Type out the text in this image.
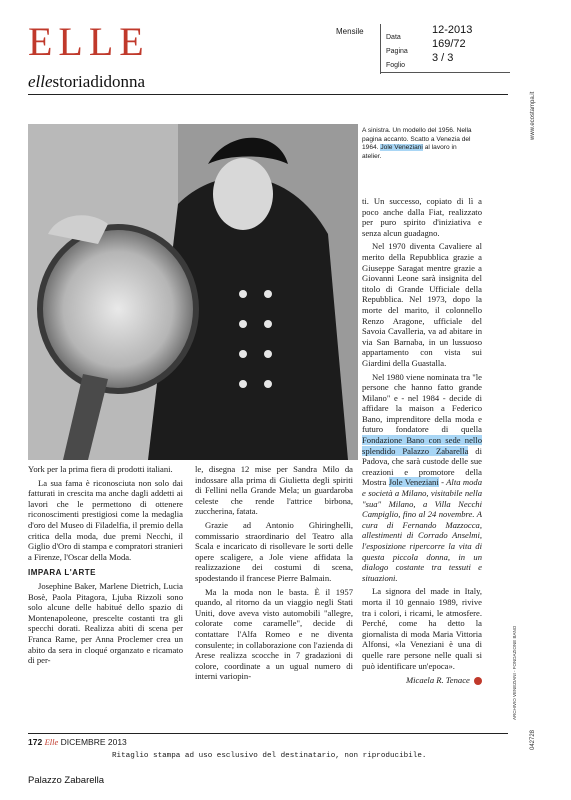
ELLE	Mensile
Data
12-2013
Pagina
169/72
Foglio
3 / 3
ellestoriadidonna
A sinistra. Un modello del 1956. Nella pagina accanto. Scatto a Venezia del 1964. Jole Veneziani al lavoro in atelier.

ti. Un successo, copiato di lì a poco anche dalla Fiat, realizzato per puro spirito d'iniziativa e senza alcun guadagno.

Nel 1970 diventa Cavaliere al merito della Repubblica grazie a Giuseppe Saragat mentre grazie a Giovanni Leone sarà insignita del titolo di Grande Ufficiale della Repubblica. Nel 1973, dopo la morte del marito, il colonnello Renzo Aragone, ufficiale del Savoia Cavalleria, va ad abitare in via San Barnaba, in un lussuoso appartamento con vista sui Giardini della Guastalla.

Nel 1980 viene nominata tra "le persone che hanno fatto grande Milano" e - nel 1984 - decide di affidare la maison a Federico Bano, imprenditore della moda e futuro fondatore di quella Fondazione Bano con sede nello splendido Palazzo Zabarella di Padova, che sarà custode delle sue creazioni e promotore della Mostra Jole Veneziani - Alta moda e società a Milano, visitabile nella "sua" Milano, a Villa Necchi Campiglio, fino al 24 novembre. A cura di Fernando Mazzocca, allestimenti di Corrado Anselmi, l'esposizione ripercorre la vita di questa piccola donna, in un dialogo costante tra tessuti e situazioni.

La signora del made in Italy, morta il 10 gennaio 1989, rivive tra i colori, i ricami, le atmosfere. Perché, come ha detto la giornalista di moda Maria Vittoria Alfonsi, «la Veneziani è una di quelle rare persone nelle quali si può identificare un'epoca».

Micaela R. Tenace

York per la prima fiera di prodotti italiani.

La sua fama è riconosciuta non solo dai fatturati in crescita ma anche dagli addetti ai lavori che le permettono di ottenere riconoscimenti prestigiosi come la medaglia d'oro del Museo di Filadelfia, il premio della critica della moda, due premi Necchi, il Giglio d'Oro di stampa e compratori stranieri a Firenze, l'Oscar della Moda.

IMPARA L'ARTE

Josephine Baker, Marlene Dietrich, Lucia Bosè, Paola Pitagora, Ljuba Rizzoli sono solo alcune delle habitué dello spazio di Montenapoleone, prescelte costanti tra gli specchi dorati. Realizza abiti di scena per Franca Rame, per Anna Proclemer crea un abito da sera in cloqué organzato e ricamato di per-

le, disegna 12 mise per Sandra Milo da indossare alla prima di Giulietta degli spiriti di Fellini nella Grande Mela; un guardaroba celeste che rende l'attrice birbona, zuccherina, fatata.

Grazie ad Antonio Ghiringhelli, commissario straordinario del Teatro alla Scala e incaricato di risollevare le sorti delle opere scaligere, a Jole viene affidata la realizzazione dei costumi di scena, spodestando il francese Pierre Balmain.

Ma la moda non le basta. È il 1957 quando, al ritorno da un viaggio negli Stati Uniti, dove aveva visto automobili "allegre, colorate come caramelle", decide di contattare l'Alfa Romeo e ne diventa consulente; in collaborazione con l'azienda di Arese realizza scocche in 7 gradazioni di colore, coordinate a un ugual numero di interni variopin-

172 Elle DICEMBRE 2013
Ritaglio stampa ad uso esclusivo del destinatario, non riproducibile.
www.ecostampa.it
ARCHIVIO VENEZIANI - FONDAZIONE BANO
042728
Palazzo Zabarella
